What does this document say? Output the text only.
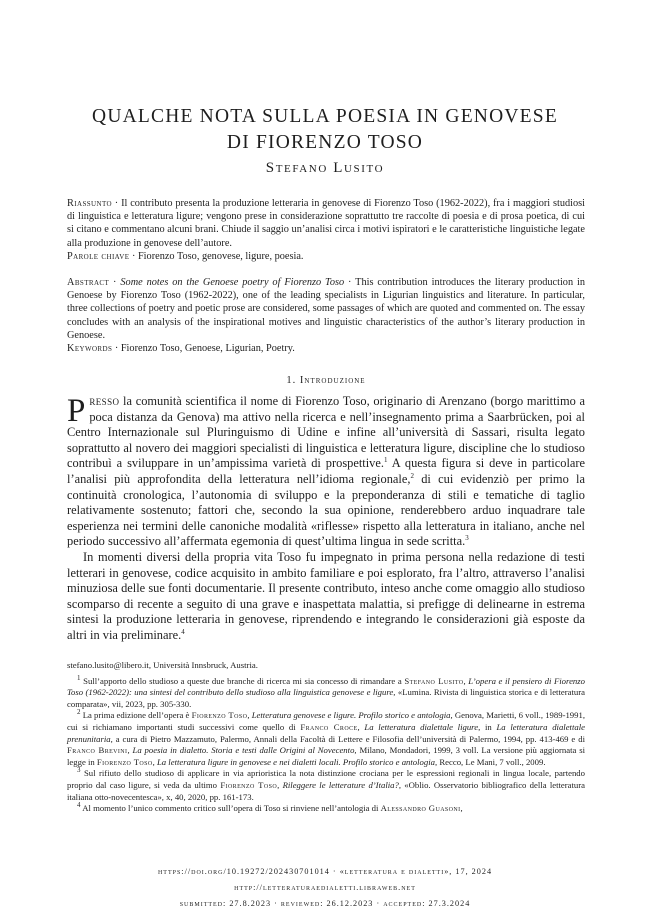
QUALCHE NOTA SULLA POESIA IN GENOVESE
DI FIORENZO TOSO
Stefano Lusito

Riassunto · Il contributo presenta la produzione letteraria in genovese di Fiorenzo Toso (1962-2022), fra i maggiori studiosi di linguistica e letteratura ligure; vengono prese in considerazione soprattutto tre raccolte di poesia e di prosa poetica, di cui si citano e commentano alcuni brani. Chiude il saggio un’analisi circa i motivi ispiratori e le caratteristiche linguistiche legate alla produzione in genovese dell’autore.

Parole chiave · Fiorenzo Toso, genovese, ligure, poesia.

Abstract · Some notes on the Genoese poetry of Fiorenzo Toso · This contribution introduces the literary production in Genoese by Fiorenzo Toso (1962-2022), one of the leading specialists in Ligurian linguistics and literature. In particular, three collections of poetry and poetic prose are considered, some passages of which are quoted and commented on. The essay concludes with an analysis of the inspirational motives and linguistic characteristics of the author’s literary production in Genoese.

Keywords · Fiorenzo Toso, Genoese, Ligurian, Poetry.

1. Introduzione

Presso la comunità scientifica il nome di Fiorenzo Toso, originario di Arenzano (borgo marittimo a poca distanza da Genova) ma attivo nella ricerca e nell’insegnamento prima a Saarbrücken, poi al Centro Internazionale sul Pluringuismo di Udine e infine all’università di Sassari, risulta legato soprattutto al novero dei maggiori specialisti di linguistica e letteratura ligure, discipline che lo studioso contribuì a sviluppare in un’ampissima varietà di prospettive.$^1$ A questa figura si deve in particolare l’analisi più approfondita della letteratura nell’idioma regionale,$^2$ di cui evidenziò per primo la continuità cronologica, l’autonomia di sviluppo e la preponderanza di stili e tematiche di taglio relativamente sostenuto; fattori che, secondo la sua opinione, renderebbero arduo inquadrare tale esperienza nei termini delle canoniche modalità «riflesse» rispetto alla letteratura in italiano, anche nel periodo successivo all’affermata egemonia di quest’ultima lingua in sede scritta.$^3$

In momenti diversi della propria vita Toso fu impegnato in prima persona nella redazione di testi letterari in genovese, codice acquisito in ambito familiare e poi esplorato, fra l’altro, attraverso l’analisi minuziosa delle sue fonti documentarie. Il presente contributo, inteso anche come omaggio allo studioso scomparso di recente a seguito di una grave e inaspettata malattia, si prefigge di delinearne in estrema sintesi la produzione letteraria in genovese, riprendendo e integrando le considerazioni già esposte da altri in via preliminare.$^4$

stefano.lusito@libero.it, Università Innsbruck, Austria.

$^1$ Sull’apporto dello studioso a queste due branche di ricerca mi sia concesso di rimandare a Stefano Lusito, L’opera e il pensiero di Fiorenzo Toso (1962-2022): una sintesi del contributo dello studioso alla linguistica genovese e ligure, «Lumina. Rivista di linguistica storica e di letteratura comparata», vii, 2023, pp. 305-330.

$^2$ La prima edizione dell’opera è Fiorenzo Toso, Letteratura genovese e ligure. Profilo storico e antologia, Genova, Marietti, 6 voll., 1989-1991, cui si richiamano importanti studi successivi come quello di Franco Croce, La letteratura dialettale ligure, in La letteratura dialettale prenunitaria, a cura di Pietro Mazzamuto, Palermo, Annali della Facoltà di Lettere e Filosofia dell’università di Palermo, 1994, pp. 413-469 e di Franco Brevini, La poesia in dialetto. Storia e testi dalle Origini al Novecento, Milano, Mondadori, 1999, 3 voll. La versione più aggiornata si legge in Fiorenzo Toso, La letteratura ligure in genovese e nei dialetti locali. Profilo storico e antologia, Recco, Le Mani, 7 voll., 2009.

$^3$ Sul rifiuto dello studioso di applicare in via aprioristica la nota distinzione crociana per le espressioni regionali in lingua locale, partendo proprio dal caso ligure, si veda da ultimo Fiorenzo Toso, Rileggere le letterature d’Italia?, «Oblio. Osservatorio bibliografico della letteratura italiana otto-novecentesca», x, 40, 2020, pp. 161-173.

$^4$ Al momento l’unico commento critico sull’opera di Toso si rinviene nell’antologia di Alessandro Guasoni,

https://doi.org/10.19272/202430701014 · «letteratura e dialetti», 17, 2024
http://letteraturaedialetti.libraweb.net
submitted: 27.8.2023 · reviewed: 26.12.2023 · accepted: 27.3.2024
